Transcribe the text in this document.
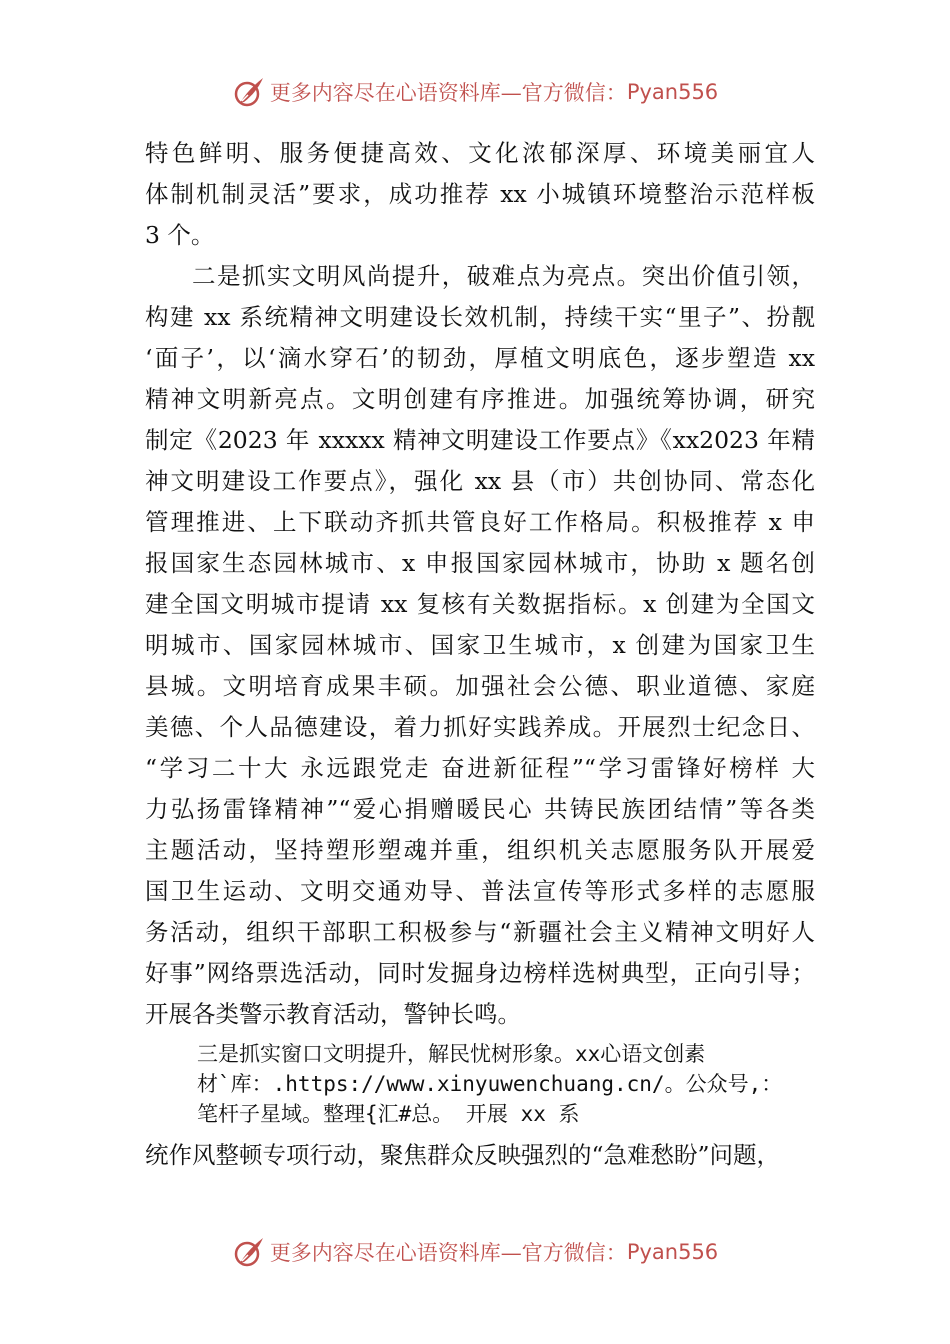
更多内容尽在心语资料库—官方微信： Pyan556
特色鲜明、服务便捷高效、文化浓郁深厚、环境美丽宜人
体制机制灵活”要求，成功推荐 xx 小城镇环境整治示范样板
3 个。
二是抓实文明风尚提升，破难点为亮点。突出价值引领，
构建 xx 系统精神文明建设长效机制，持续干实“里子”、扮靓
‘面子’，以‘滴水穿石’的韧劲，厚植文明底色，逐步塑造 xx
精神文明新亮点。文明创建有序推进。加强统筹协调，研究
制定《2023 年 xxxxx 精神文明建设工作要点》《xx2023 年精
神文明建设工作要点》，强化 xx 县（市）共创协同、常态化
管理推进、上下联动齐抓共管良好工作格局。积极推荐 x 申
报国家生态园林城市、x 申报国家园林城市，协助 x 题名创
建全国文明城市提请 xx 复核有关数据指标。x 创建为全国文
明城市、国家园林城市、国家卫生城市，x 创建为国家卫生
县城。文明培育成果丰硕。加强社会公德、职业道德、家庭
美德、个人品德建设，着力抓好实践养成。开展烈士纪念日、
“学习二十大 永远跟党走 奋进新征程”“学习雷锋好榜样 大
力弘扬雷锋精神”“爱心捐赠暖民心 共铸民族团结情”等各类
主题活动，坚持塑形塑魂并重，组织机关志愿服务队开展爱
国卫生运动、文明交通劝导、普法宣传等形式多样的志愿服
务活动，组织干部职工积极参与“新疆社会主义精神文明好人
好事”网络票选活动，同时发掘身边榜样选树典型，正向引导；
开展各类警示教育活动，警钟长鸣。
三是抓实窗口文明提升，解民忧树形象。xx心语文创素
材`库：.https://www.xinyuwenchuang.cn/。公众号,：
笔杆子星域。整理{汇#总。 开展 xx 系
统作风整顿专项行动，聚焦群众反映强烈的“急难愁盼”问题，
更多内容尽在心语资料库—官方微信： Pyan556
